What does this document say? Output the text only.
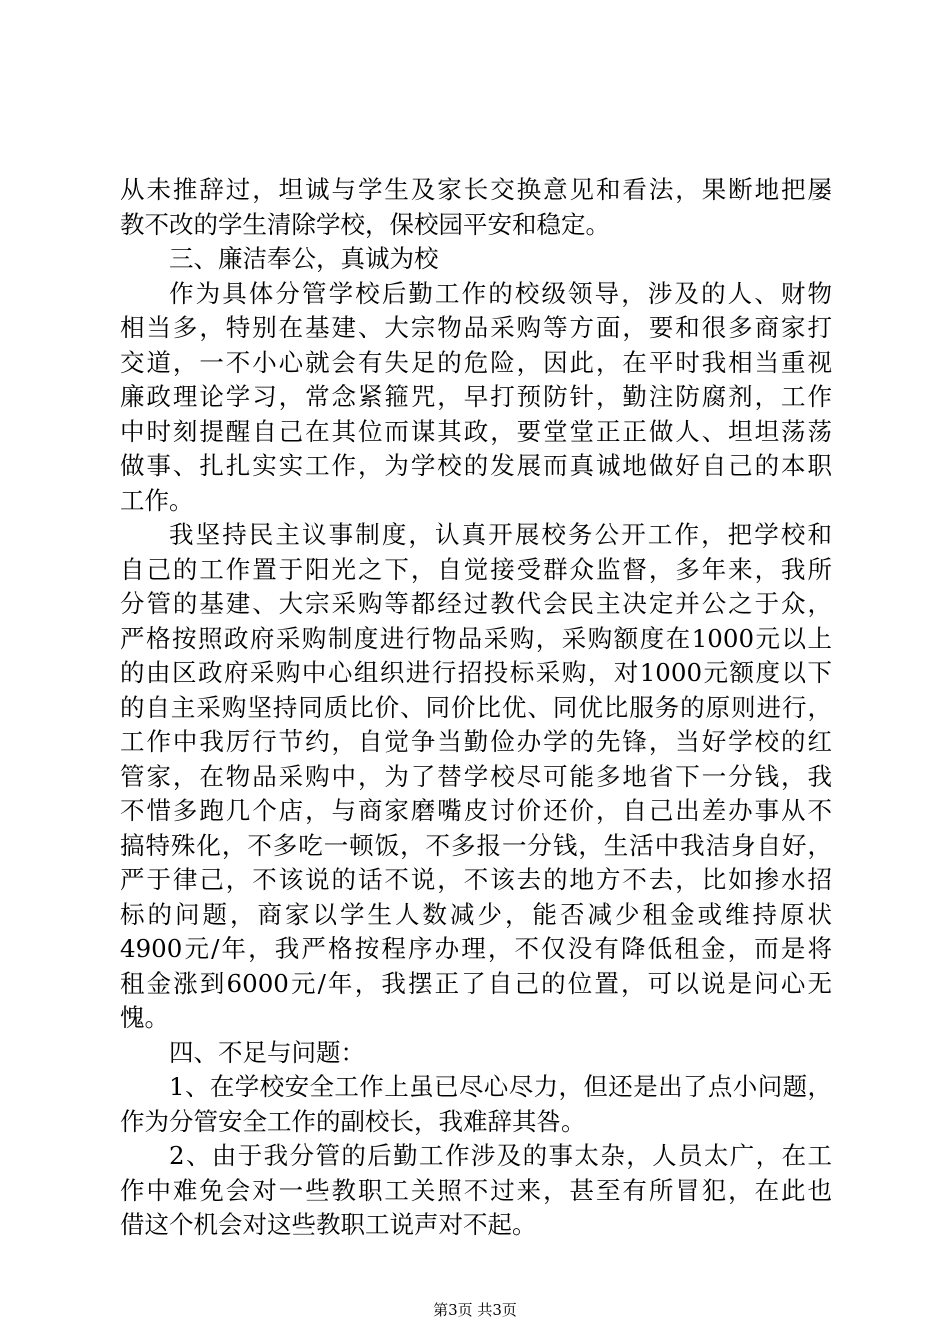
从未推辞过，坦诚与学生及家长交换意见和看法，果断地把屡
教不改的学生清除学校，保校园平安和稳定。
三、廉洁奉公，真诚为校
作为具体分管学校后勤工作的校级领导，涉及的人、财物
相当多，特别在基建、大宗物品采购等方面，要和很多商家打
交道，一不小心就会有失足的危险，因此，在平时我相当重视
廉政理论学习，常念紧箍咒，早打预防针，勤注防腐剂，工作
中时刻提醒自己在其位而谋其政，要堂堂正正做人、坦坦荡荡
做事、扎扎实实工作，为学校的发展而真诚地做好自己的本职
工作。
我坚持民主议事制度，认真开展校务公开工作，把学校和
自己的工作置于阳光之下，自觉接受群众监督，多年来，我所
分管的基建、大宗采购等都经过教代会民主决定并公之于众，
严格按照政府采购制度进行物品采购，采购额度在1000元以上
的由区政府采购中心组织进行招投标采购，对1000元额度以下
的自主采购坚持同质比价、同价比优、同优比服务的原则进行，
工作中我厉行节约，自觉争当勤俭办学的先锋，当好学校的红
管家，在物品采购中，为了替学校尽可能多地省下一分钱，我
不惜多跑几个店，与商家磨嘴皮讨价还价，自己出差办事从不
搞特殊化，不多吃一顿饭，不多报一分钱，生活中我洁身自好，
严于律己，不该说的话不说，不该去的地方不去，比如掺水招
标的问题，商家以学生人数减少，能否减少租金或维持原状
4900元/年，我严格按程序办理，不仅没有降低租金，而是将
租金涨到6000元/年，我摆正了自己的位置，可以说是问心无
愧。
四、不足与问题：
1、在学校安全工作上虽已尽心尽力，但还是出了点小问题，
作为分管安全工作的副校长，我难辞其咎。
2、由于我分管的后勤工作涉及的事太杂，人员太广，在工
作中难免会对一些教职工关照不过来，甚至有所冒犯，在此也
借这个机会对这些教职工说声对不起。
第3页 共3页
